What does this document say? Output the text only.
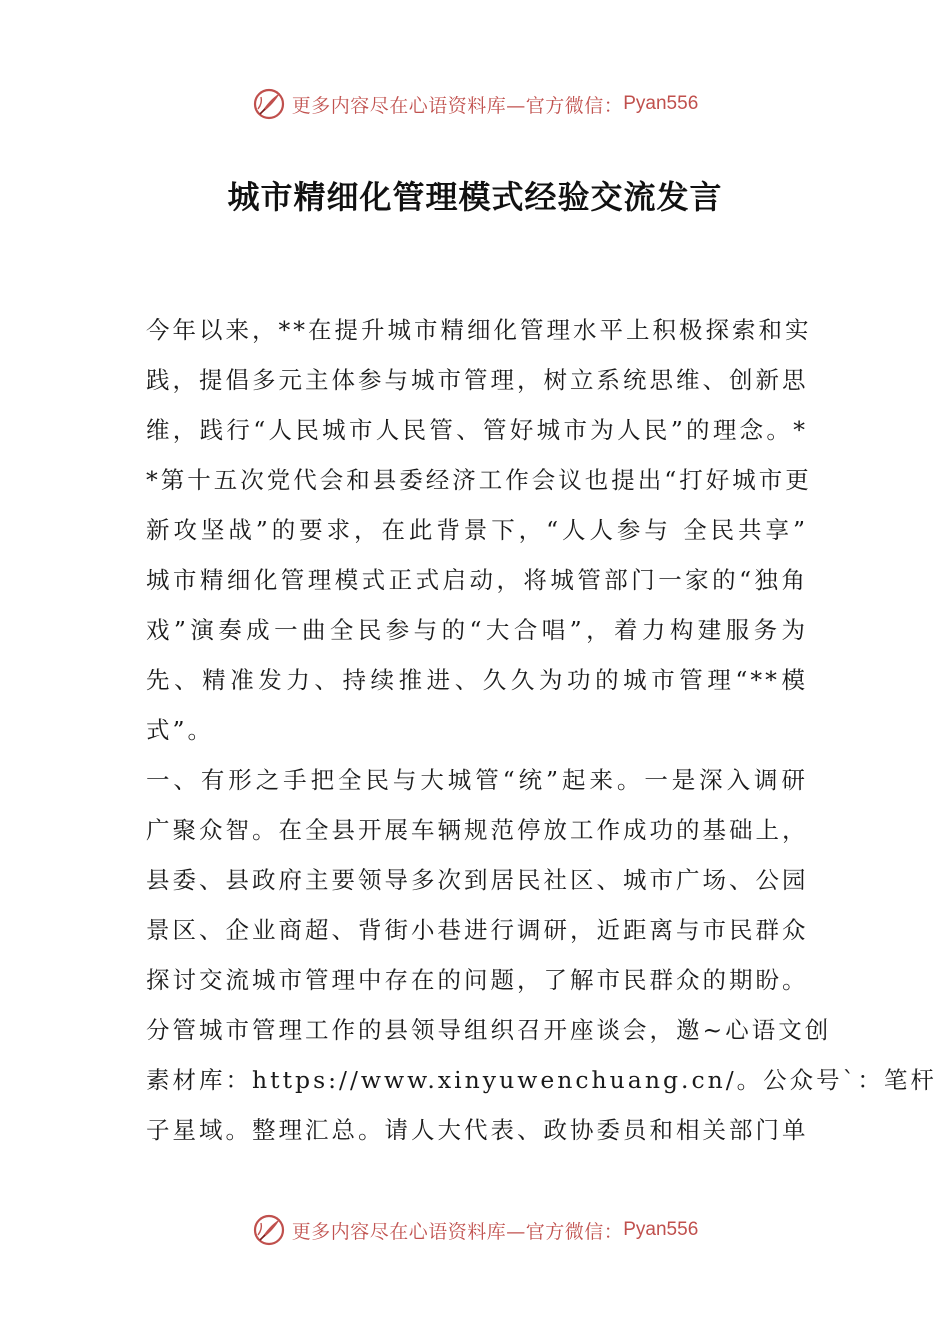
更多内容尽在心语资料库—官方微信： Pyan556
城市精细化管理模式经验交流发言
今年以来，**在提升城市精细化管理水平上积极探索和实
践，提倡多元主体参与城市管理，树立系统思维、创新思
维，践行“人民城市人民管、管好城市为人民”的理念。*
*第十五次党代会和县委经济工作会议也提出“打好城市更
新攻坚战”的要求，在此背景下，“人人参与 全民共享”
城市精细化管理模式正式启动，将城管部门一家的“独角
戏”演奏成一曲全民参与的“大合唱”，着力构建服务为
先、精准发力、持续推进、久久为功的城市管理“**模
式”。
一、有形之手把全民与大城管“统”起来。一是深入调研
广聚众智。在全县开展车辆规范停放工作成功的基础上，
县委、县政府主要领导多次到居民社区、城市广场、公园
景区、企业商超、背街小巷进行调研，近距离与市民群众
探讨交流城市管理中存在的问题，了解市民群众的期盼。
分管城市管理工作的县领导组织召开座谈会，邀~心语文创
素材库：https://www.xinyuwenchuang.cn/。公众号`：笔杆
子星域。整理汇总。请人大代表、政协委员和相关部门单
更多内容尽在心语资料库—官方微信： Pyan556
